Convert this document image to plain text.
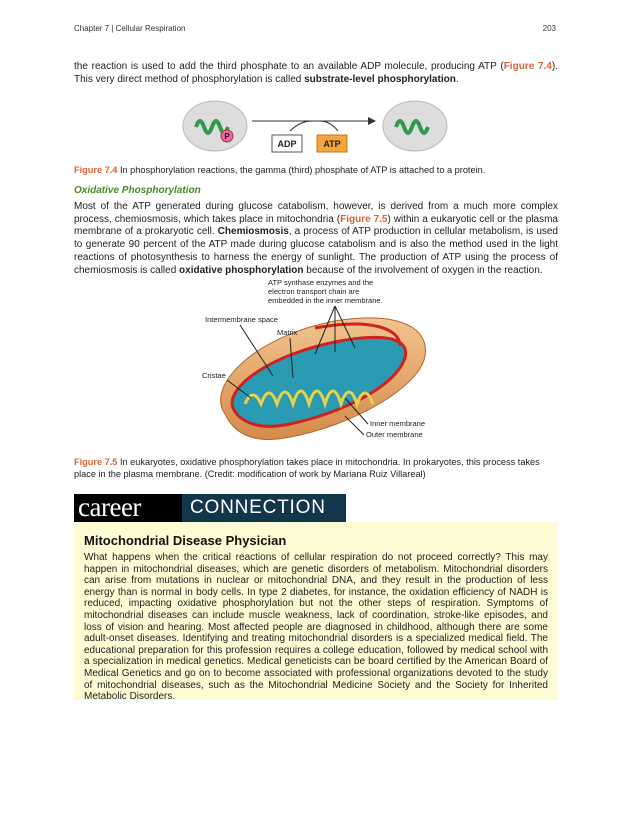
Chapter 7 | Cellular Respiration	203

the reaction is used to add the third phosphate to an available ADP molecule, producing ATP (Figure 7.4). This very direct method of phosphorylation is called substrate-level phosphorylation.

P
ADP	ATP

Figure 7.4 In phosphorylation reactions, the gamma (third) phosphate of ATP is attached to a protein.

Oxidative Phosphorylation

Most of the ATP generated during glucose catabolism, however, is derived from a much more complex process, chemiosmosis, which takes place in mitochondria (Figure 7.5) within a eukaryotic cell or the plasma membrane of a prokaryotic cell. Chemiosmosis, a process of ATP production in cellular metabolism, is used to generate 90 percent of the ATP made during glucose catabolism and is also the method used in the light reactions of photosynthesis to harness the energy of sunlight. The production of ATP using the process of chemiosmosis is called oxidative phosphorylation because of the involvement of oxygen in the reaction.

ATP synthase enzymes and the
electron transport chain are
embedded in the inner membrane.
Intermembrane space
Matrix
Cristae
Inner membrane
Outer membrane

Figure 7.5 In eukaryotes, oxidative phosphorylation takes place in mitochondria. In prokaryotes, this process takes place in the plasma membrane. (Credit: modification of work by Mariana Ruiz Villareal)

career	CONNECTION
Mitochondrial Disease Physician

What happens when the critical reactions of cellular respiration do not proceed correctly? This may happen in mitochondrial diseases, which are genetic disorders of metabolism. Mitochondrial disorders can arise from mutations in nuclear or mitochondrial DNA, and they result in the production of less energy than is normal in body cells. In type 2 diabetes, for instance, the oxidation efficiency of NADH is reduced, impacting oxidative phosphorylation but not the other steps of respiration. Symptoms of mitochondrial diseases can include muscle weakness, lack of coordination, stroke-like episodes, and loss of vision and hearing. Most affected people are diagnosed in childhood, although there are some adult-onset diseases. Identifying and treating mitochondrial disorders is a specialized medical field. The educational preparation for this profession requires a college education, followed by medical school with a specialization in medical genetics. Medical geneticists can be board certified by the American Board of Medical Genetics and go on to become associated with professional organizations devoted to the study of mitochondrial diseases, such as the Mitochondrial Medicine Society and the Society for Inherited Metabolic Disorders.
